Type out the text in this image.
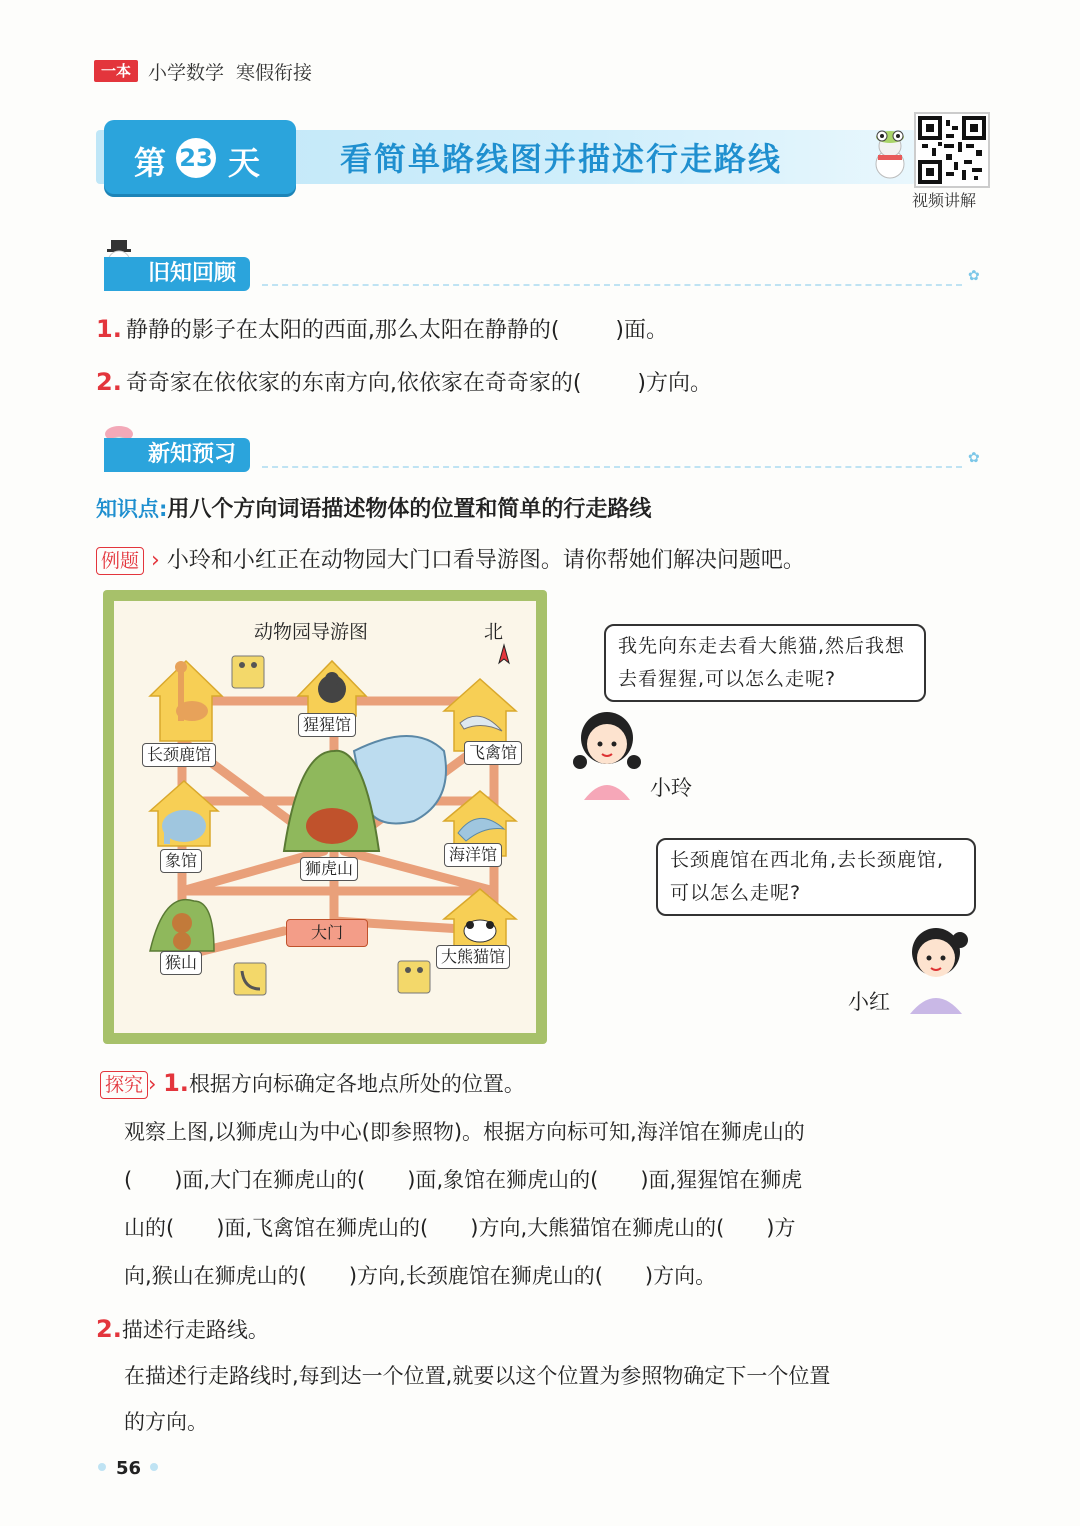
一本 小学数学 寒假衔接
第 23 天 看简单路线图并描述行走路线
视频讲解
旧知回顾	✿
1. 静静的影子在太阳的西面,那么太阳在静静的(	)面。
2. 奇奇家在依依家的东南方向,依依家在奇奇家的(	)方向。
新知预习	✿
知识点:用八个方向词语描述物体的位置和简单的行走路线
例题 › 小玲和小红正在动物园大门口看导游图。请你帮她们解决问题吧。
动物园导游图	北
长颈鹿馆
猩猩馆
飞禽馆
象馆	狮虎山
海洋馆
猴山
大门
大熊猫馆
我先向东走去看大熊猫,然后我想去看猩猩,可以怎么走呢?
小玲
长颈鹿馆在西北角,去长颈鹿馆,可以怎么走呢?
小红
探究 › 1.根据方向标确定各地点所处的位置。
观察上图,以狮虎山为中心(即参照物)。根据方向标可知,海洋馆在狮虎山的
(　　)面,大门在狮虎山的(　　)面,象馆在狮虎山的(　　)面,猩猩馆在狮虎
山的(　　)面,飞禽馆在狮虎山的(　　)方向,大熊猫馆在狮虎山的(　　)方
向,猴山在狮虎山的(　　)方向,长颈鹿馆在狮虎山的(　　)方向。
2.描述行走路线。
在描述行走路线时,每到达一个位置,就要以这个位置为参照物确定下一个位置
的方向。
56
